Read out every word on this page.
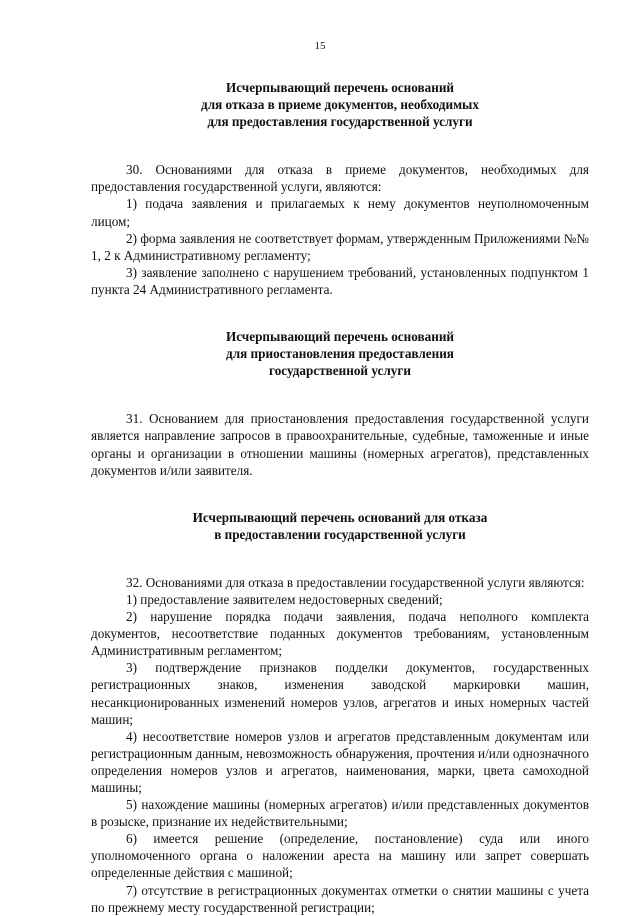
15
Исчерпывающий перечень оснований
для отказа в приеме документов, необходимых
для предоставления государственной услуги

30. Основаниями для отказа в приеме документов, необходимых для предоставления государственной услуги, являются:

1) подача заявления и прилагаемых к нему документов неуполномоченным лицом;

2) форма заявления не соответствует формам, утвержденным Приложениями №№ 1, 2 к Административному регламенту;

3) заявление заполнено с нарушением требований, установленных подпунктом 1 пункта 24 Административного регламента.

Исчерпывающий перечень оснований
для приостановления предоставления
государственной услуги

31. Основанием для приостановления предоставления государственной услуги является направление запросов в правоохранительные, судебные, таможенные и иные органы и организации в отношении машины (номерных агрегатов), представленных документов и/или заявителя.

Исчерпывающий перечень оснований для отказа
в предоставлении государственной услуги

32. Основаниями для отказа в предоставлении государственной услуги являются:

1) предоставление заявителем недостоверных сведений;

2) нарушение порядка подачи заявления, подача неполного комплекта документов, несоответствие поданных документов требованиям, установленным Административным регламентом;

3) подтверждение признаков подделки документов, государственных регистрационных знаков, изменения заводской маркировки машин, несанкционированных изменений номеров узлов, агрегатов и иных номерных частей машин;

4) несоответствие номеров узлов и агрегатов представленным документам или регистрационным данным, невозможность обнаружения, прочтения и/или однозначного определения номеров узлов и агрегатов, наименования, марки, цвета самоходной машины;

5) нахождение машины (номерных агрегатов) и/или представленных документов в розыске, признание их недействительными;

6) имеется решение (определение, постановление) суда или иного уполномоченного органа о наложении ареста на машину или запрет совершать определенные действия с машиной;

7) отсутствие в регистрационных документах отметки о снятии машины с учета по прежнему месту государственной регистрации;
